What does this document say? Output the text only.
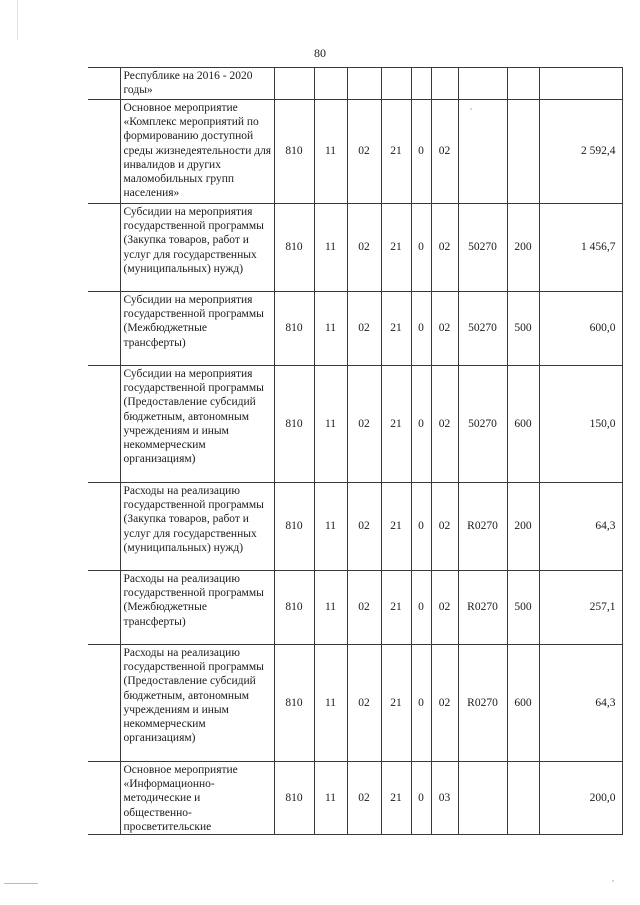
80
	Республике на 2016 - 2020 годы»									
	Основное мероприятие «Комплекс мероприятий по формированию доступной среды жизнедеятельности для инвалидов и других маломобильных групп населения»	810	11	02	21	0	02			2 592,4
	Субсидии на мероприятия государственной программы (Закупка товаров, работ и услуг для государственных (муниципальных) нужд)	810	11	02	21	0	02	50270	200	1 456,7
	Субсидии на мероприятия государственной программы (Межбюджетные трансферты)	810	11	02	21	0	02	50270	500	600,0
	Субсидии на мероприятия государственной программы (Предоставление субсидий бюджетным, автономным учреждениям и иным некоммерческим организациям)	810	11	02	21	0	02	50270	600	150,0
	Расходы на реализацию государственной программы (Закупка товаров, работ и услуг для государственных (муниципальных) нужд)	810	11	02	21	0	02	R0270	200	64,3
	Расходы на реализацию государственной программы (Межбюджетные трансферты)	810	11	02	21	0	02	R0270	500	257,1
	Расходы на реализацию государственной программы (Предоставление субсидий бюджетным, автономным учреждениям и иным некоммерческим организациям)	810	11	02	21	0	02	R0270	600	64,3
	Основное мероприятие «Информационно-методические и общественно-просветительские	810	11	02	21	0	03			200,0
